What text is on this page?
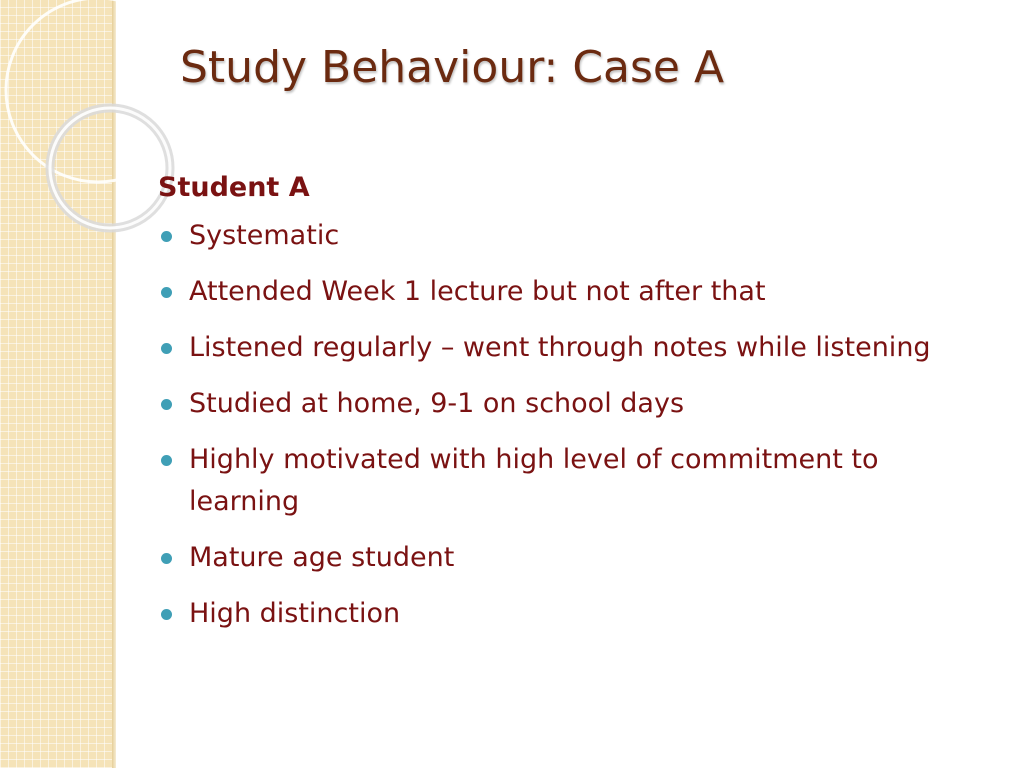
Study Behaviour: Case A
Student A
Systematic
Attended Week 1 lecture but not after that
Listened regularly – went through notes while listening
Studied at home, 9-1 on school days
Highly motivated with high level of commitment to learning
Mature age student
High distinction
